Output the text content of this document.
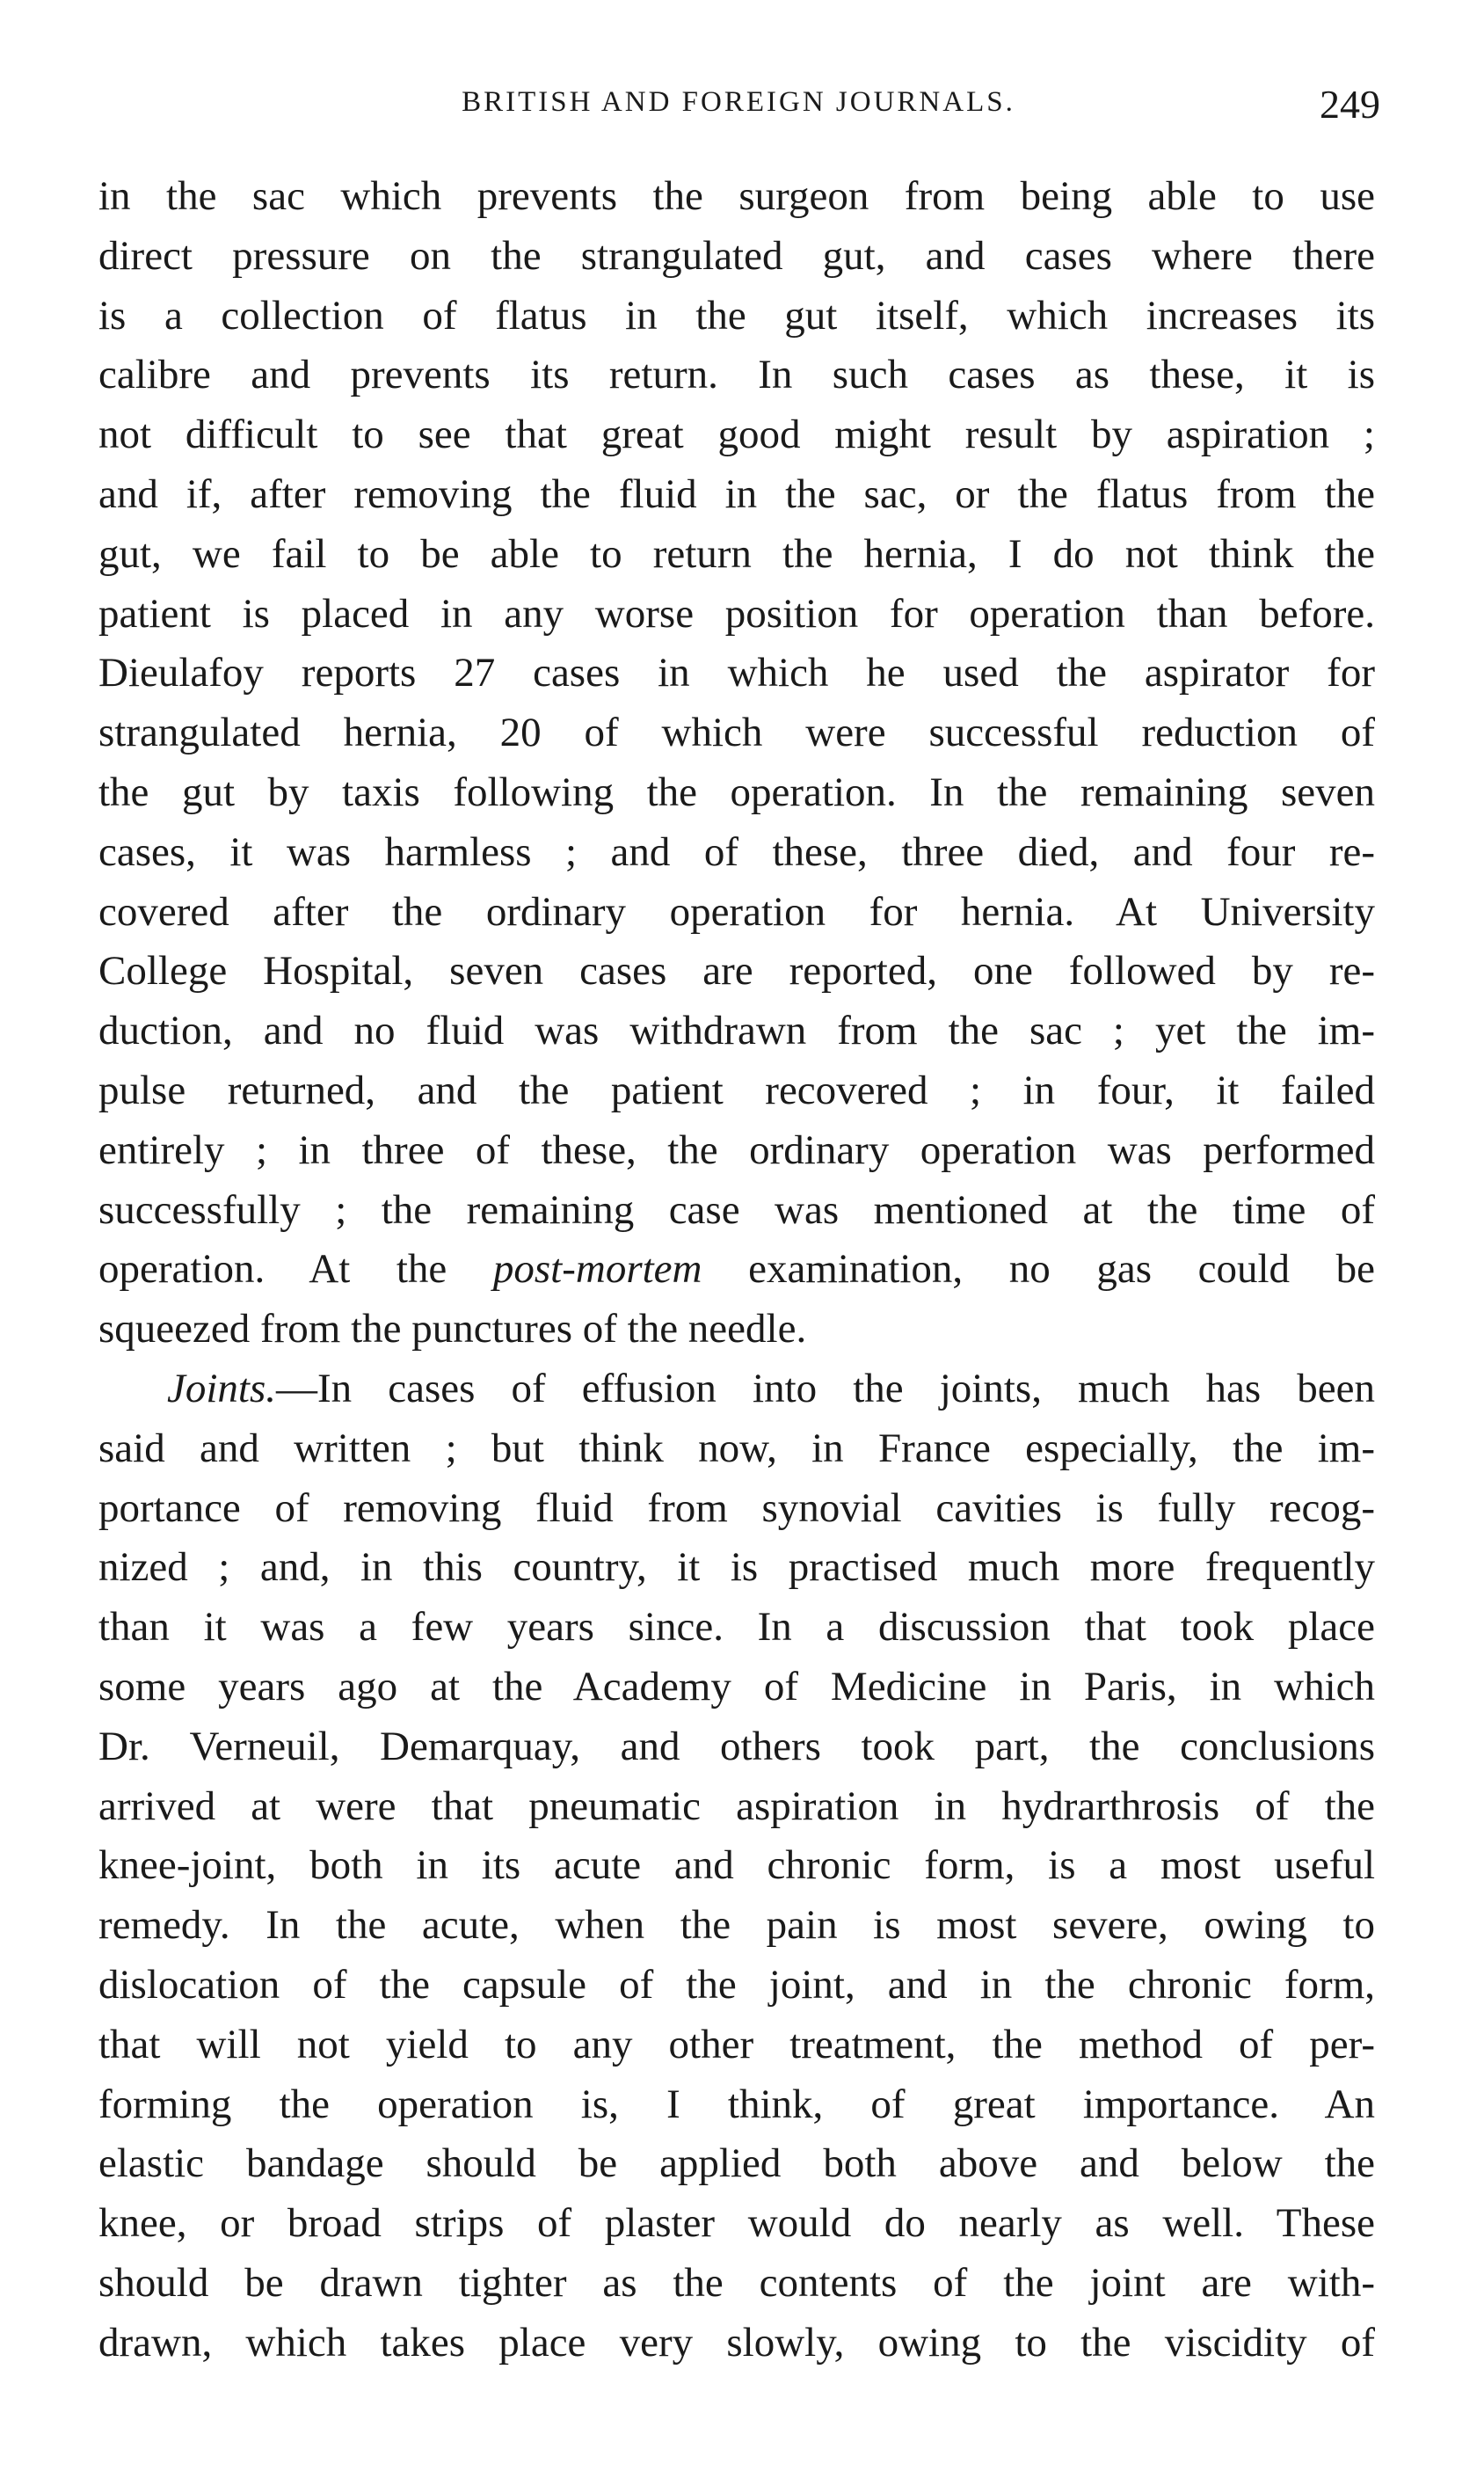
BRITISH AND FOREIGN JOURNALS.	249
in the sac which prevents the surgeon from being able to use
direct pressure on the strangulated gut, and cases where there
is a collection of flatus in the gut itself, which increases its
calibre and prevents its return. In such cases as these, it is
not difficult to see that great good might result by aspiration ;
and if, after removing the fluid in the sac, or the flatus from the
gut, we fail to be able to return the hernia, I do not think the
patient is placed in any worse position for operation than before.
Dieulafoy reports 27 cases in which he used the aspirator for
strangulated hernia, 20 of which were successful reduction of
the gut by taxis following the operation. In the remaining seven
cases, it was harmless ; and of these, three died, and four re-
covered after the ordinary operation for hernia. At University
College Hospital, seven cases are reported, one followed by re-
duction, and no fluid was withdrawn from the sac ; yet the im-
pulse returned, and the patient recovered ; in four, it failed
entirely ; in three of these, the ordinary operation was performed
successfully ; the remaining case was mentioned at the time of
operation. At the post-mortem examination, no gas could be
squeezed from the punctures of the needle.
Joints.—In cases of effusion into the joints, much has been
said and written ; but think now, in France especially, the im-
portance of removing fluid from synovial cavities is fully recog-
nized ; and, in this country, it is practised much more frequently
than it was a few years since. In a discussion that took place
some years ago at the Academy of Medicine in Paris, in which
Dr. Verneuil, Demarquay, and others took part, the conclusions
arrived at were that pneumatic aspiration in hydrarthrosis of the
knee-joint, both in its acute and chronic form, is a most useful
remedy. In the acute, when the pain is most severe, owing to
dislocation of the capsule of the joint, and in the chronic form,
that will not yield to any other treatment, the method of per-
forming the operation is, I think, of great importance. An
elastic bandage should be applied both above and below the
knee, or broad strips of plaster would do nearly as well. These
should be drawn tighter as the contents of the joint are with-
drawn, which takes place very slowly, owing to the viscidity of
